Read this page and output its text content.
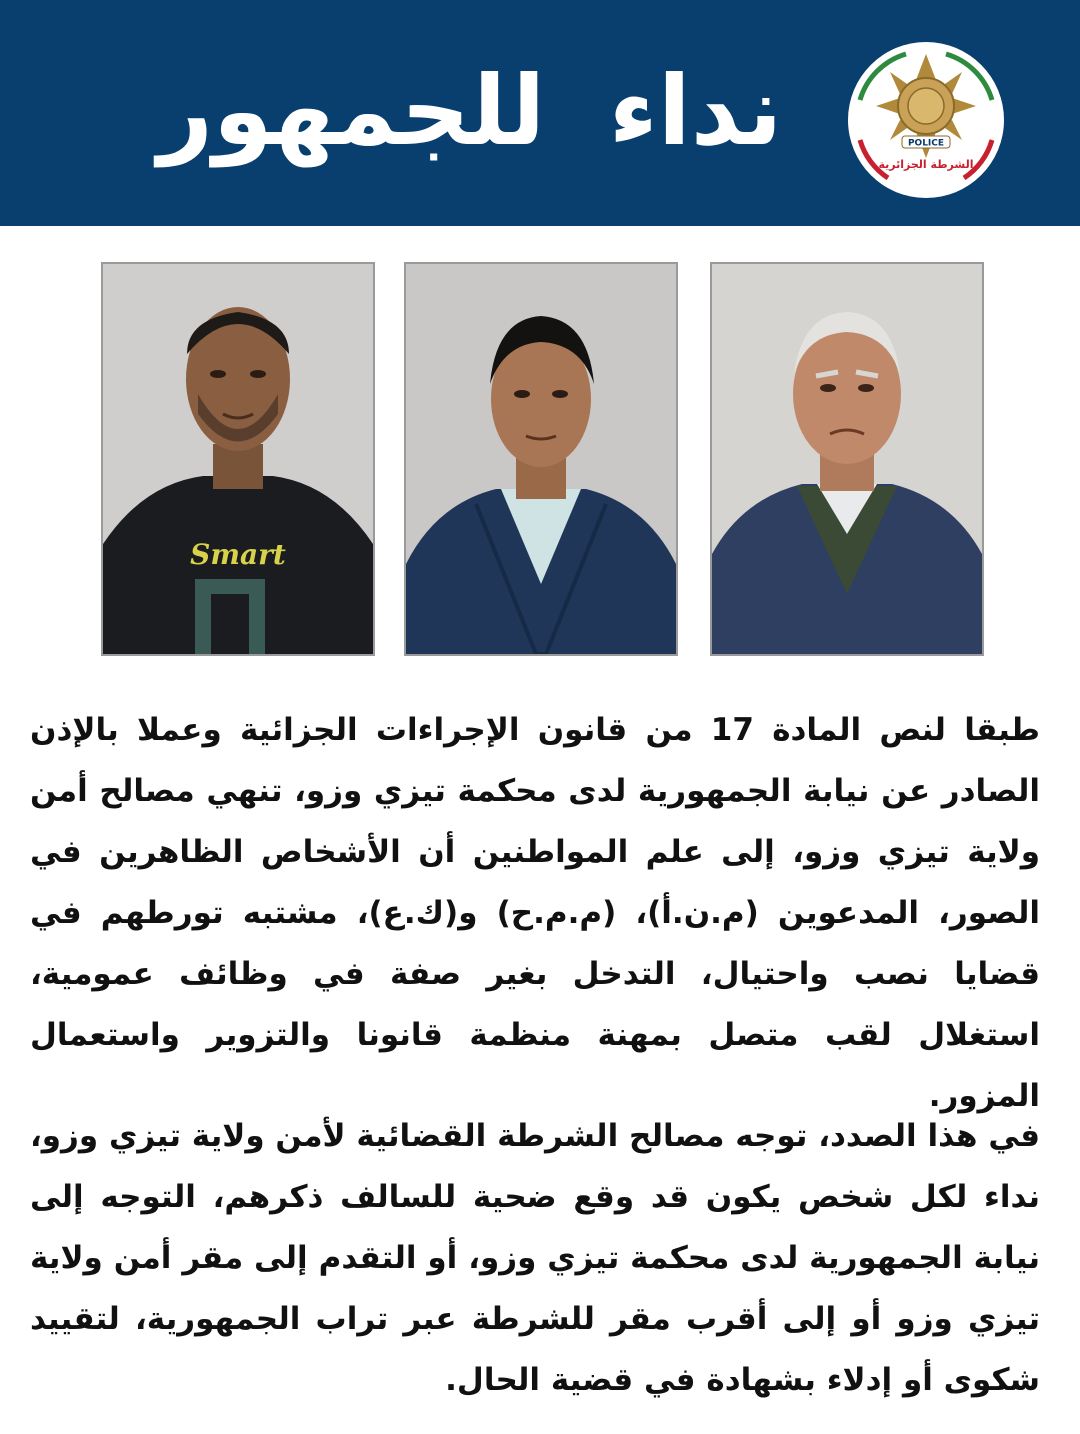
نداء للجمهور	POLICE
الشرطة الجزائرية
Smart

طبقا لنص المادة 17 من قانون الإجراءات الجزائية وعملا بالإذن الصادر عن نيابة الجمهورية لدى محكمة تيزي وزو، تنهي مصالح أمن ولاية تيزي وزو، إلى علم المواطنين أن الأشخاص الظاهرين في الصور، المدعوين (م.ن.أ)، (م.م.ح) و(ك.ع)، مشتبه تورطهم في قضايا نصب واحتيال، التدخل بغير صفة في وظائف عمومية، استغلال لقب متصل بمهنة منظمة قانونا والتزوير واستعمال المزور.

في هذا الصدد، توجه مصالح الشرطة القضائية لأمن ولاية تيزي وزو، نداء لكل شخص يكون قد وقع ضحية للسالف ذكرهم، التوجه إلى نيابة الجمهورية لدى محكمة تيزي وزو، أو التقدم إلى مقر أمن ولاية تيزي وزو أو إلى أقرب مقر للشرطة عبر تراب الجمهورية، لتقييد شكوى أو إدلاء بشهادة في قضية الحال.
